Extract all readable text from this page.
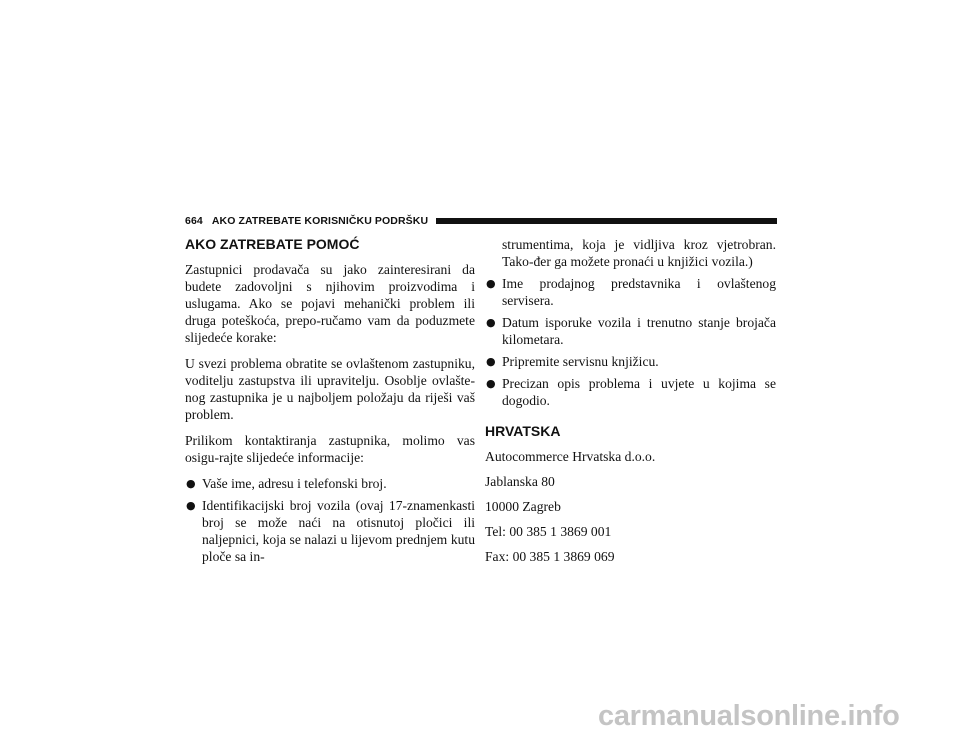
664 AKO ZATREBATE KORISNIČKU PODRŠKU
AKO ZATREBATE POMOĆ

Zastupnici prodavača su jako zainteresirani da budete zadovoljni s njihovim proizvodima i uslugama. Ako se pojavi mehanički problem ili druga poteškoća, prepo-ručamo vam da poduzmete slijedeće korake:

U svezi problema obratite se ovlaštenom zastupniku, voditelju zastupstva ili upravitelju. Osoblje ovlašte-nog zastupnika je u najboljem položaju da riješi vaš problem.

Prilikom kontaktiranja zastupnika, molimo vas osigu-rajte slijedeće informacije:

● Vaše ime, adresu i telefonski broj.
● Identifikacijski broj vozila (ovaj 17-znamenkasti broj se može naći na otisnutoj pločici ili naljepnici, koja se nalazi u lijevom prednjem kutu ploče sa in-
strumentima, koja je vidljiva kroz vjetrobran. Tako-đer ga možete pronaći u knjižici vozila.)
● Ime prodajnog predstavnika i ovlaštenog servisera.
● Datum isporuke vozila i trenutno stanje brojača kilometara.
● Pripremite servisnu knjižicu.
● Precizan opis problema i uvjete u kojima se dogodio.
HRVATSKA
Autocommerce Hrvatska d.o.o.
Jablanska 80
10000 Zagreb
Tel: 00 385 1 3869 001
Fax: 00 385 1 3869 069
carmanualsonline.info
